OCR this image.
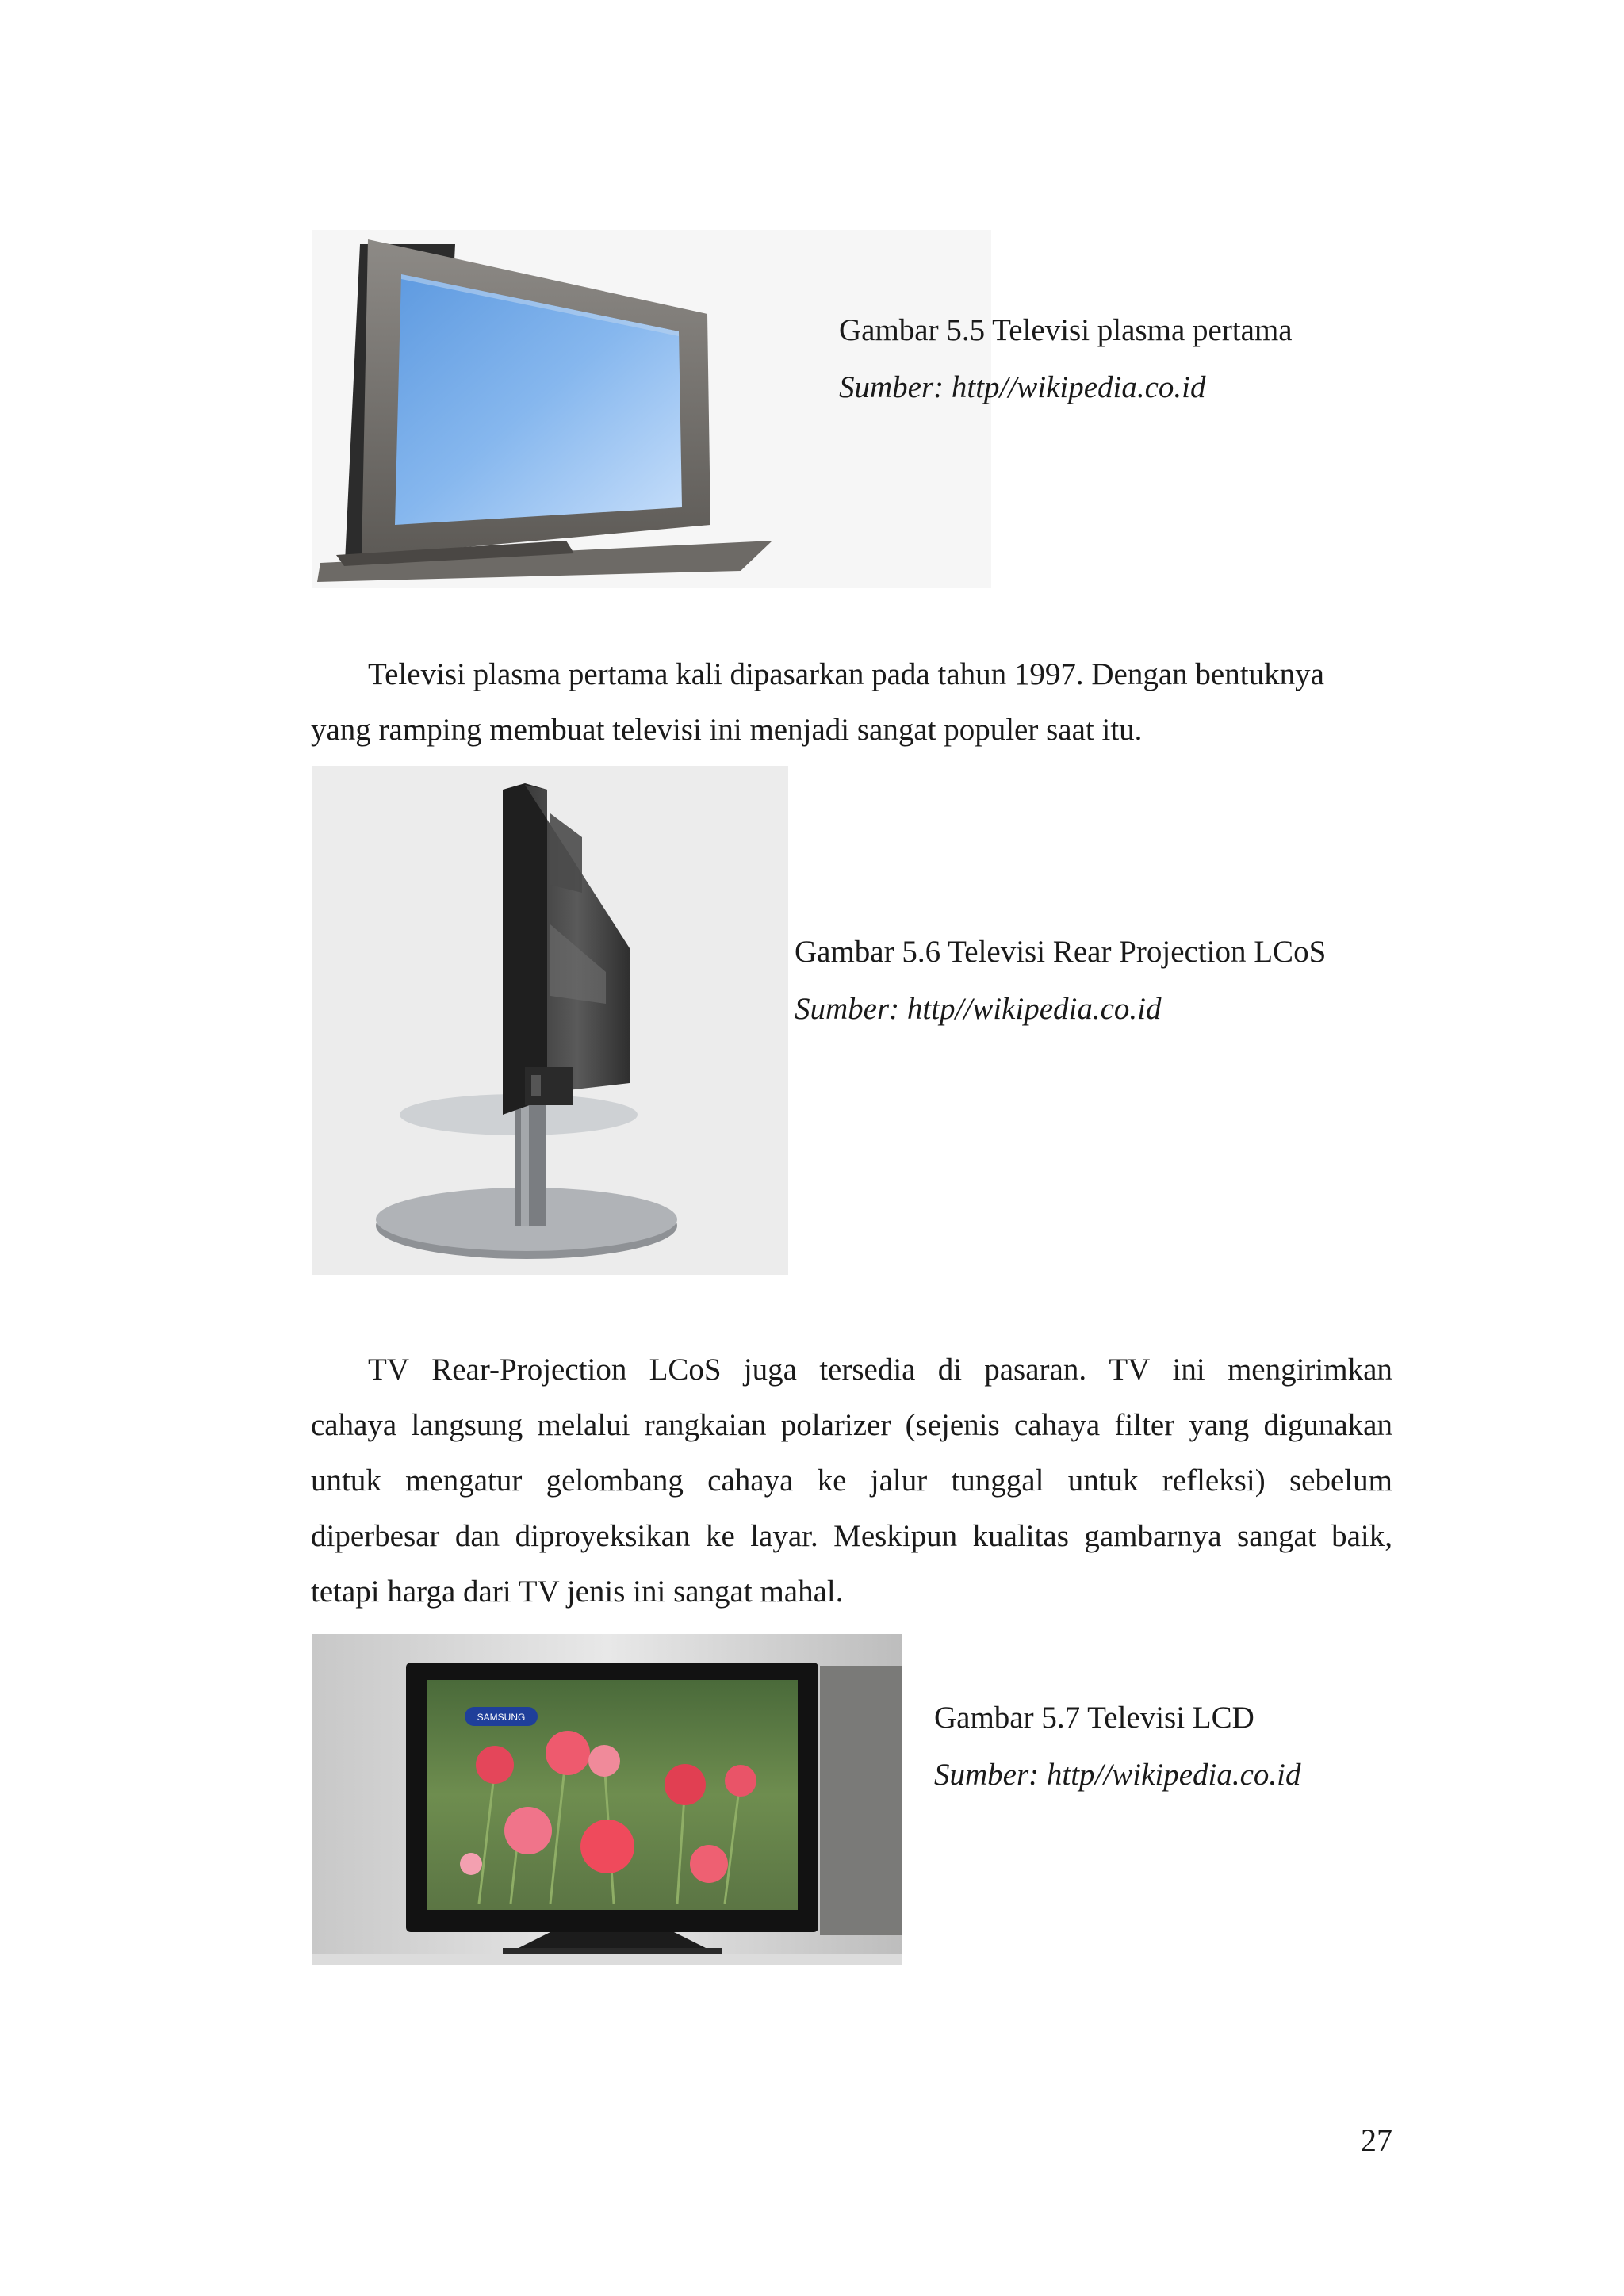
Gambar 5.5 Televisi plasma pertama
Sumber: http//wikipedia.co.id
Televisi plasma pertama kali dipasarkan pada tahun 1997. Dengan bentuknya
yang ramping membuat televisi ini menjadi sangat populer saat itu.
Gambar 5.6 Televisi Rear Projection LCoS
Sumber: http//wikipedia.co.id
TV Rear-Projection LCoS juga tersedia di pasaran. TV ini mengirimkan
cahaya langsung melalui rangkaian polarizer (sejenis cahaya filter yang digunakan
untuk mengatur gelombang cahaya ke jalur tunggal untuk refleksi) sebelum
diperbesar dan diproyeksikan ke layar. Meskipun kualitas gambarnya sangat baik,
tetapi harga dari TV jenis ini sangat mahal.
SAMSUNG	Gambar 5.7 Televisi LCD
Sumber: http//wikipedia.co.id
27
